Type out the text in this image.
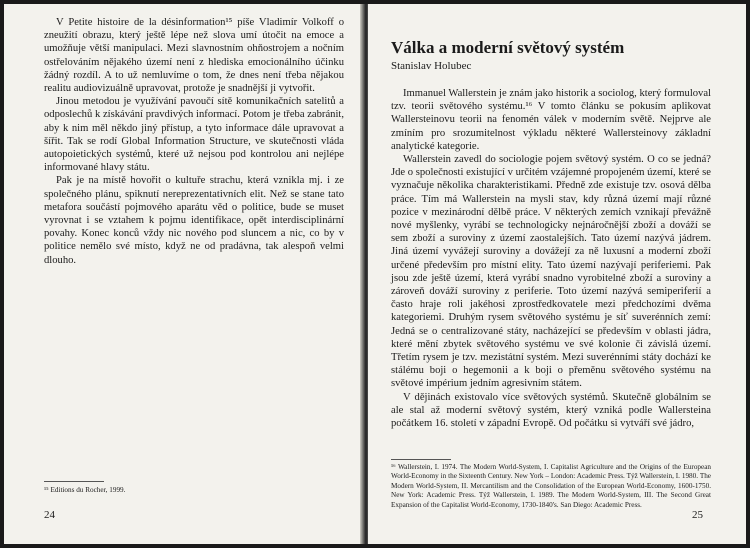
V Petite histoire de la désinformation¹⁵ píše Vladimír Volkoff o zneužití obrazu, který ještě lépe než slova umí útočit na emoce a umožňuje větší manipulaci. Mezi slavnostním ohňostrojem a nočním ostřelováním nějakého území není z hlediska emocionálního účinku žádný rozdíl. A to už nemluvíme o tom, že dnes není třeba nějakou realitu audiovizuálně upravovat, protože je snadnější ji vytvořit.

Jinou metodou je využívání pavoučí sítě komunikačních satelitů a odposlechů k získávání pravdivých informací. Potom je třeba zabránit, aby k nim měl někdo jiný přístup, a tyto informace dále upravovat a šířit. Tak se rodí Global Information Structure, ve skutečnosti vláda autopoietických systémů, které už nejsou pod kontrolou ani nejlépe informované hlavy státu.

Pak je na místě hovořit o kultuře strachu, která vznikla mj. i ze společného plánu, spiknutí nereprezentativních elit. Než se stane tato metafora součástí pojmového aparátu věd o politice, bude se muset vyrovnat i se vztahem k pojmu identifikace, opět interdisciplinární povahy. Konec konců vždy nic nového pod sluncem a nic, co by v politice nemělo své místo, když ne od pradávna, tak alespoň velmi dlouho.

¹⁵ Editions du Rocher, 1999.
24
Válka a moderní světový systém
Stanislav Holubec

Immanuel Wallerstein je znám jako historik a sociolog, který formuloval tzv. teorii světového systému.¹⁶ V tomto článku se pokusím aplikovat Wallersteinovu teorii na fenomén válek v moderním světě. Nejprve ale zmíním pro srozumitelnost výkladu některé Wallersteinovy základní analytické kategorie.

Wallerstein zavedl do sociologie pojem světový systém. O co se jedná? Jde o společnosti existující v určitém vzájemné propojeném území, které se vyznačuje několika charakteristikami. Předně zde existuje tzv. osová dělba práce. Tím má Wallerstein na mysli stav, kdy různá území mají různé pozice v mezinárodní dělbě práce. V některých zemích vznikají převážně nové myšlenky, vyrábí se technologicky nejnáročnější zboží a dováží se sem zboží a suroviny z území zaostalejších. Tato území nazývá jádrem. Jiná území vyvážejí suroviny a dovážejí za ně luxusní a moderní zboží určené především pro místní elity. Tato území nazývají periferiemi. Pak jsou zde ještě území, která vyrábí snadno vyrobitelné zboží a suroviny a zároveň dováží suroviny z periferie. Toto území nazývá semiperiferií a často hraje roli jakéhosi zprostředkovatele mezi předchozími dvěma kategoriemi. Druhým rysem světového systému je síť suverénních zemí: Jedná se o centralizované státy, nacházející se především v oblasti jádra, které mění zbytek světového systému ve své kolonie či závislá území. Třetím rysem je tzv. mezistátní systém. Mezi suverénními státy dochází ke stálému boji o hegemonii a k boji o přeměnu světového systému na světové impérium jedním agresivním státem.

V dějinách existovalo více světových systémů. Skutečně globálním se ale stal až moderní světový systém, který vzniká podle Wallersteina počátkem 16. století v západní Evropě. Od počátku si vytváří své jádro,

¹⁶ Wallerstein, I. 1974. The Modern World-System, I. Capitalist Agriculture and the Origins of the European World-Economy in the Sixteenth Century. New York – London: Academic Press. Týž Wallerstein, I. 1980. The Modern World-System, II. Mercantilism and the Consolidation of the European World-Economy, 1600-1750. New York: Academic Press. Týž Wallerstein, I. 1989. The Modern World-System, III. The Second Great Expansion of the Capitalist World-Economy, 1730-1840's. San Diego: Academic Press.
25
